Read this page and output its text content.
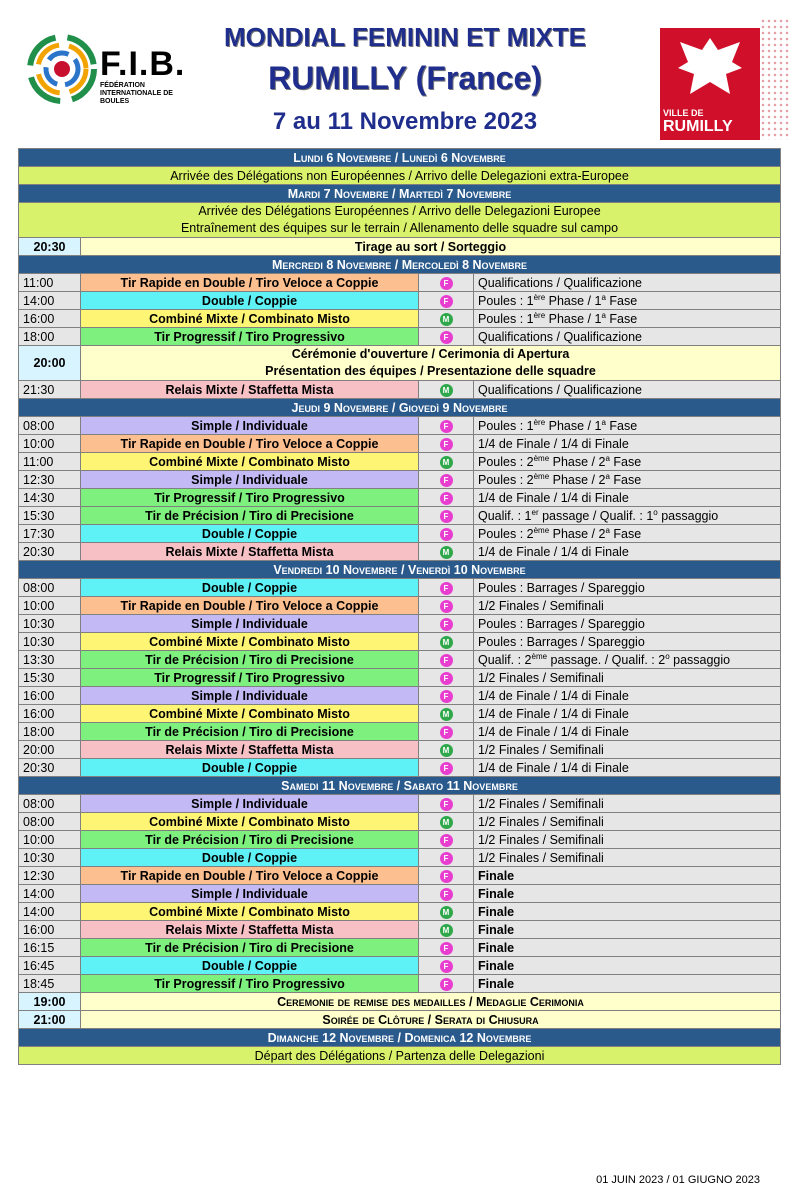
F.I.B.
FÉDÉRATION INTERNATIONALE DE BOULES
MONDIAL FEMININ ET MIXTE
RUMILLY (France)
7 au 11 Novembre 2023	VILLE DE
RUMILLY
Lundi 6 Novembre / Lunedì 6 Novembre			
Arrivée des Délégations non Européennes / Arrivo delle Delegazioni extra-Europee			
Mardi 7 Novembre / Martedì 7 Novembre			

Arrivée des Délégations Européennes / Arrivo delle Delegazioni Europee
Entraînement des équipes sur le terrain / Allenamento delle squadre sul campo			

20:30	Tirage au sort / Sorteggio		
Mercredi 8 Novembre / Mercoledì 8 Novembre			
11:00	Tir Rapide en Double / Tiro Veloce a Coppie	F	Qualifications / Qualificazione
14:00	Double / Coppie	F	Poules : 1ère Phase / 1$^a$ Fase
16:00	Combiné Mixte / Combinato Misto	M	Poules : 1ère Phase / 1$^a$ Fase
18:00	Tir Progressif / Tiro Progressivo	F	Qualifications / Qualificazione
20:00	Cérémonie d'ouverture / Cerimonia di Apertura
Présentation des équipes / Presentazione delle squadre		

21:30	Relais Mixte / Staffetta Mista	M	Qualifications / Qualificazione
Jeudi 9 Novembre / Giovedì 9 Novembre			
08:00	Simple / Individuale	F	Poules : 1ère Phase / 1$^a$ Fase
10:00	Tir Rapide en Double / Tiro Veloce a Coppie	F	1/4 de Finale / 1/4 di Finale
11:00	Combiné Mixte / Combinato Misto	M	Poules : 2ème Phase / 2$^a$ Fase
12:30	Simple / Individuale	F	Poules : 2ème Phase / 2$^a$ Fase
14:30	Tir Progressif / Tiro Progressivo	F	1/4 de Finale / 1/4 di Finale
15:30	Tir de Précision / Tiro di Precisione	F	Qualif. : 1er passage / Qualif. : 1$^o$ passaggio
17:30	Double / Coppie	F	Poules : 2ème Phase / 2$^a$ Fase
20:30	Relais Mixte / Staffetta Mista	M	1/4 de Finale / 1/4 di Finale
Vendredi 10 Novembre / Venerdì 10 Novembre			
08:00	Double / Coppie	F	Poules : Barrages / Spareggio
10:00	Tir Rapide en Double / Tiro Veloce a Coppie	F	1/2 Finales / Semifinali
10:30	Simple / Individuale	F	Poules : Barrages / Spareggio
10:30	Combiné Mixte / Combinato Misto	M	Poules : Barrages / Spareggio
13:30	Tir de Précision / Tiro di Precisione	F	Qualif. : 2ème passage. / Qualif. : 2$^o$ passaggio
15:30	Tir Progressif / Tiro Progressivo	F	1/2 Finales / Semifinali
16:00	Simple / Individuale	F	1/4 de Finale / 1/4 di Finale
16:00	Combiné Mixte / Combinato Misto	M	1/4 de Finale / 1/4 di Finale
18:00	Tir de Précision / Tiro di Precisione	F	1/4 de Finale / 1/4 di Finale
20:00	Relais Mixte / Staffetta Mista	M	1/2 Finales / Semifinali
20:30	Double / Coppie	F	1/4 de Finale / 1/4 di Finale
Samedi 11 Novembre / Sabato 11 Novembre			
08:00	Simple / Individuale	F	1/2 Finales / Semifinali
08:00	Combiné Mixte / Combinato Misto	M	1/2 Finales / Semifinali
10:00	Tir de Précision / Tiro di Precisione	F	1/2 Finales / Semifinali
10:30	Double / Coppie	F	1/2 Finales / Semifinali
12:30	Tir Rapide en Double / Tiro Veloce a Coppie	F	Finale
14:00	Simple / Individuale	F	Finale
14:00	Combiné Mixte / Combinato Misto	M	Finale
16:00	Relais Mixte / Staffetta Mista	M	Finale
16:15	Tir de Précision / Tiro di Precisione	F	Finale
16:45	Double / Coppie	F	Finale
18:45	Tir Progressif / Tiro Progressivo	F	Finale
19:00	Ceremonie de remise des medailles / Medaglie Cerimonia		
21:00	Soirée de Clôture / Serata di Chiusura		
Dimanche 12 Novembre / Domenica 12 Novembre			
Départ des Délégations / Partenza delle Delegazioni			
01 JUIN 2023 / 01 GIUGNO 2023
